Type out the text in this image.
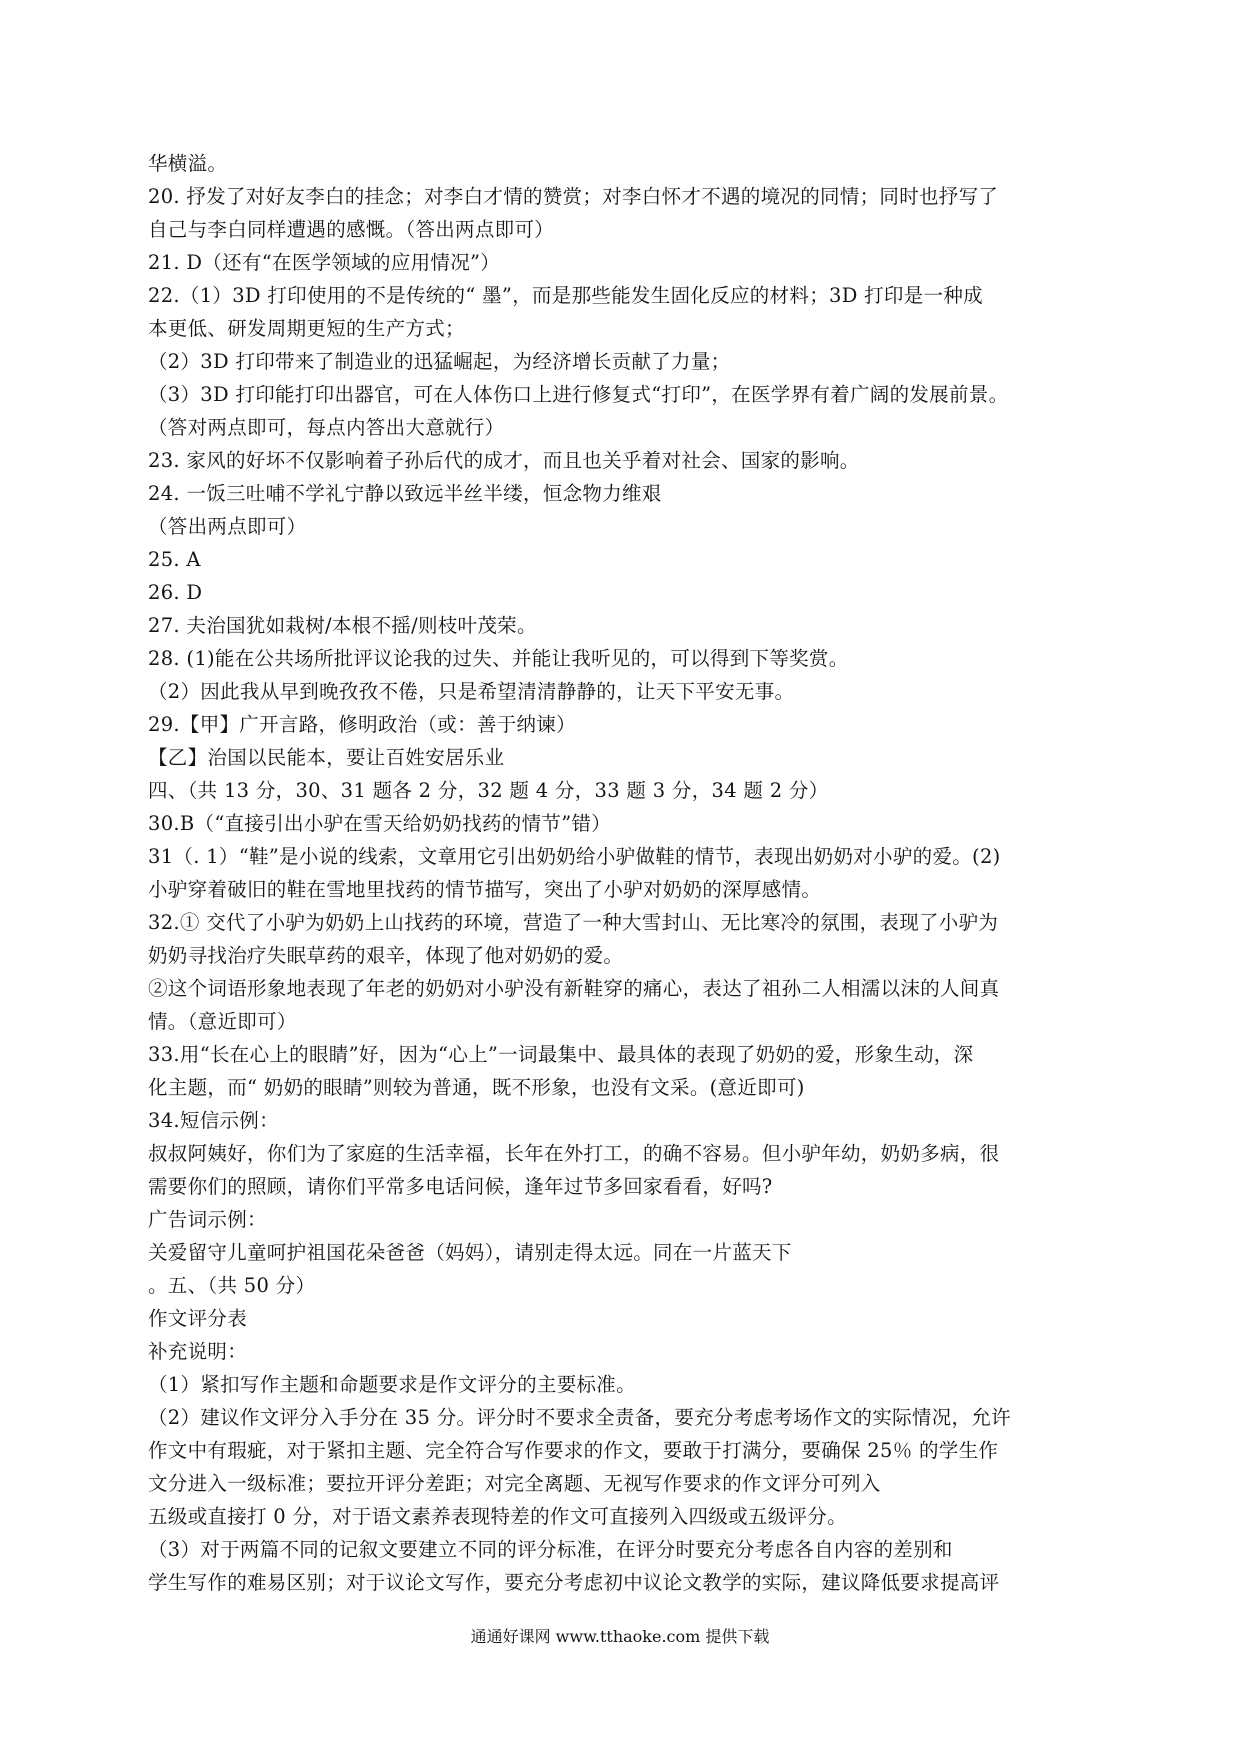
华横溢。
20. 抒发了对好友李白的挂念；对李白才情的赞赏；对李白怀才不遇的境况的同情；同时也抒写了
自己与李白同样遭遇的感慨。（答出两点即可）
21. D（还有“在医学领域的应用情况”）
22.（1）3D 打印使用的不是传统的“ 墨”，而是那些能发生固化反应的材料；3D 打印是一种成
本更低、研发周期更短的生产方式；
（2）3D 打印带来了制造业的迅猛崛起，为经济增长贡献了力量；
（3）3D 打印能打印出器官，可在人体伤口上进行修复式“打印”，在医学界有着广阔的发展前景。
（答对两点即可，每点内答出大意就行）
23. 家风的好坏不仅影响着子孙后代的成才，而且也关乎着对社会、国家的影响。
24. 一饭三吐哺不学礼宁静以致远半丝半缕，恒念物力维艰
（答出两点即可）
25. A
26. D
27. 夫治国犹如栽树/本根不摇/则枝叶茂荣。
28. (1)能在公共场所批评议论我的过失、并能让我听见的，可以得到下等奖赏。
（2）因此我从早到晚孜孜不倦，只是希望清清静静的，让天下平安无事。
29.【甲】广开言路，修明政治（或：善于纳谏）
【乙】治国以民能本，要让百姓安居乐业
四、（共 13 分，30、31 题各 2 分，32 题 4 分，33 题 3 分，34 题 2 分）
30.B（“直接引出小驴在雪天给奶奶找药的情节”错）
31（. 1）“鞋”是小说的线索，文章用它引出奶奶给小驴做鞋的情节，表现出奶奶对小驴的爱。(2)
小驴穿着破旧的鞋在雪地里找药的情节描写，突出了小驴对奶奶的深厚感情。
32.① 交代了小驴为奶奶上山找药的环境，营造了一种大雪封山、无比寒冷的氛围，表现了小驴为
奶奶寻找治疗失眠草药的艰辛，体现了他对奶奶的爱。
②这个词语形象地表现了年老的奶奶对小驴没有新鞋穿的痛心，表达了祖孙二人相濡以沫的人间真
情。（意近即可）
33.用“长在心上的眼睛”好，因为“心上”一词最集中、最具体的表现了奶奶的爱，形象生动，深
化主题，而“ 奶奶的眼睛”则较为普通，既不形象，也没有文采。(意近即可)
34.短信示例：
叔叔阿姨好，你们为了家庭的生活幸福，长年在外打工，的确不容易。但小驴年幼，奶奶多病，很
需要你们的照顾，请你们平常多电话问候，逢年过节多回家看看，好吗?
广告词示例：
关爱留守儿童呵护祖国花朵爸爸（妈妈），请别走得太远。同在一片蓝天下
。五、（共 50 分）
作文评分表
补充说明：
（1）紧扣写作主题和命题要求是作文评分的主要标准。
（2）建议作文评分入手分在 35 分。评分时不要求全责备，要充分考虑考场作文的实际情况，允许
作文中有瑕疵，对于紧扣主题、完全符合写作要求的作文，要敢于打满分，要确保 25％ 的学生作
文分进入一级标准；要拉开评分差距；对完全离题、无视写作要求的作文评分可列入
五级或直接打 0 分，对于语文素养表现特差的作文可直接列入四级或五级评分。
（3）对于两篇不同的记叙文要建立不同的评分标准，在评分时要充分考虑各自内容的差别和
学生写作的难易区别；对于议论文写作，要充分考虑初中议论文教学的实际，建议降低要求提高评
通通好课网 www.tthaoke.com 提供下载
